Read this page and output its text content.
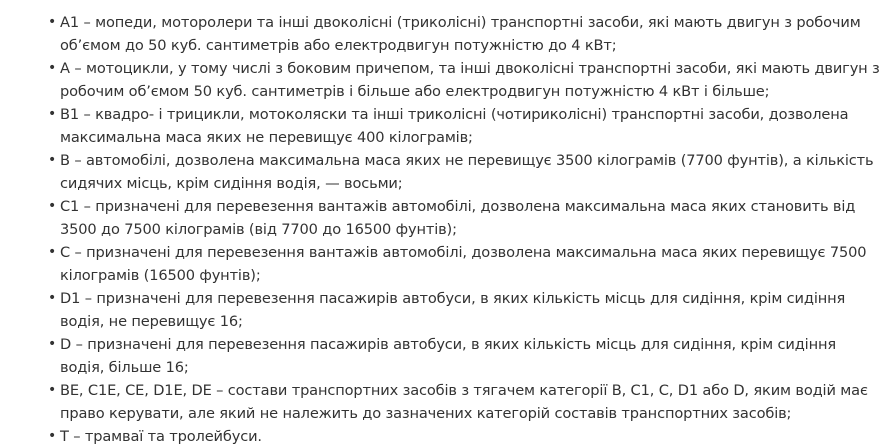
• A1 – мопеди, моторолери та інші двоколісні (триколісні) транспортні засоби, які мають двигун з робочим об’ємом до 50 куб. сантиметрів або електродвигун потужністю до 4 кВт;
• A – мотоцикли, у тому числі з боковим причепом, та інші двоколісні транспортні засоби, які мають двигун з робочим об’ємом 50 куб. сантиметрів і більше або електродвигун потужністю 4 кВт і більше;
• B1 – квадро- і трицикли, мотоколяски та інші триколісні (чотириколісні) транспортні засоби, дозволена максимальна маса яких не перевищує 400 кілограмів;
• B – автомобілі, дозволена максимальна маса яких не перевищує 3500 кілограмів (7700 фунтів), а кількість сидячих місць, крім сидіння водія, — восьми;
• C1 – призначені для перевезення вантажів автомобілі, дозволена максимальна маса яких становить від 3500 до 7500 кілограмів (від 7700 до 16500 фунтів);
• C – призначені для перевезення вантажів автомобілі, дозволена максимальна маса яких перевищує 7500 кілограмів (16500 фунтів);
• D1 – призначені для перевезення пасажирів автобуси, в яких кількість місць для сидіння, крім сидіння водія, не перевищує 16;
• D – призначені для перевезення пасажирів автобуси, в яких кількість місць для сидіння, крім сидіння водія, більше 16;
• BE, C1E, CE, D1E, DE – состави транспортних засобів з тягачем категорії B, C1, C, D1 або D, яким водій має право керувати, але який не належить до зазначених категорій составів транспортних засобів;
• T – трамваї та тролейбуси.
